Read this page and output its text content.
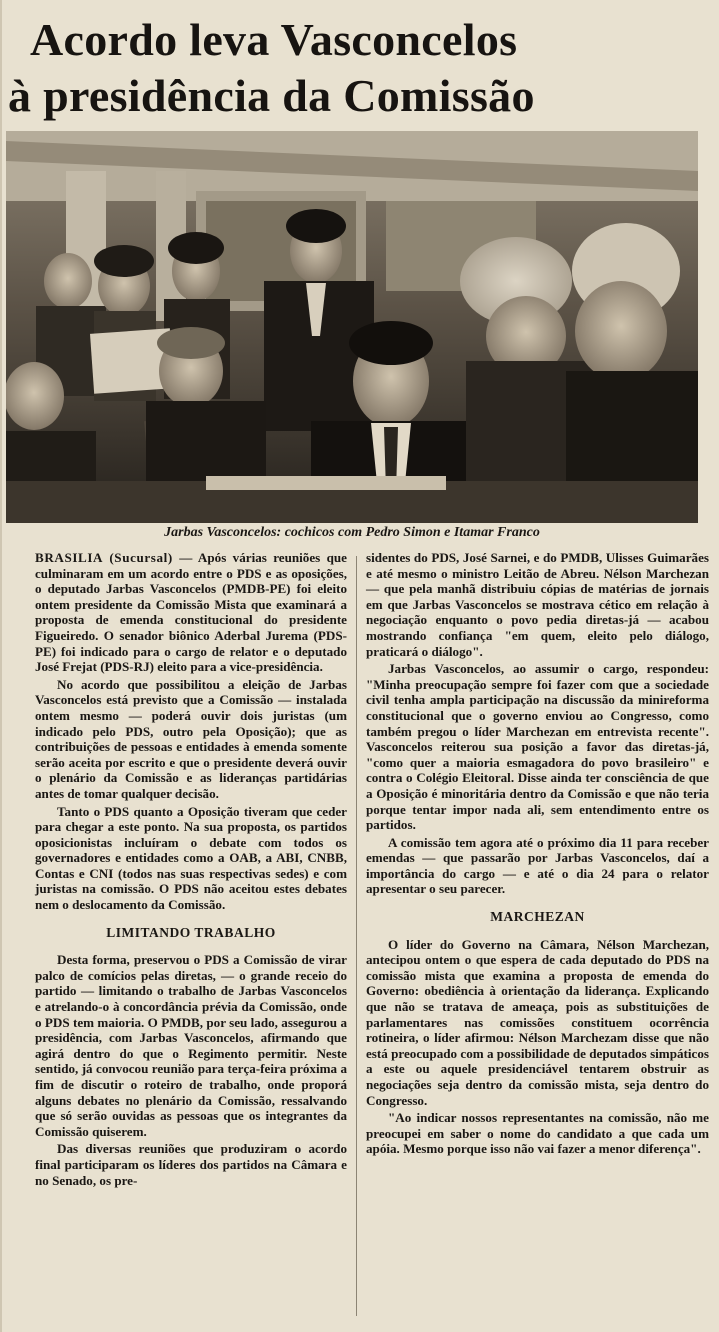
Acordo leva Vasconcelos
à presidência da Comissão
Jarbas Vasconcelos: cochicos com Pedro Simon e Itamar Franco

BRASILIA (Sucursal) — Após várias reuniões que culminaram em um acordo entre o PDS e as oposições, o deputado Jarbas Vasconcelos (PMDB-PE) foi eleito ontem presidente da Comissão Mista que examinará a proposta de emenda constitucional do presidente Figueiredo. O senador biônico Aderbal Jurema (PDS-PE) foi indicado para o cargo de relator e o deputado José Frejat (PDS-RJ) eleito para a vice-presidência.

No acordo que possibilitou a eleição de Jarbas Vasconcelos está previsto que a Comissão — instalada ontem mesmo — poderá ouvir dois juristas (um indicado pelo PDS, outro pela Oposição); que as contribuições de pessoas e entidades à emenda somente serão aceita por escrito e que o presidente deverá ouvir o plenário da Comissão e as lideranças partidárias antes de tomar qualquer decisão.

Tanto o PDS quanto a Oposição tiveram que ceder para chegar a este ponto. Na sua proposta, os partidos oposicionistas incluíram o debate com todos os governadores e entidades como a OAB, a ABI, CNBB, Contas e CNI (todos nas suas respectivas sedes) e com juristas na comissão. O PDS não aceitou estes debates nem o deslocamento da Comissão.

LIMITANDO TRABALHO

Desta forma, preservou o PDS a Comissão de virar palco de comícios pelas diretas, — o grande receio do partido — limitando o trabalho de Jarbas Vasconcelos e atrelando-o à concordância prévia da Comissão, onde o PDS tem maioria. O PMDB, por seu lado, assegurou a presidência, com Jarbas Vasconcelos, afirmando que agirá dentro do que o Regimento permitir. Neste sentido, já convocou reunião para terça-feira próxima a fim de discutir o roteiro de trabalho, onde proporá alguns debates no plenário da Comissão, ressalvando que só serão ouvidas as pessoas que os integrantes da Comissão quiserem.

Das diversas reuniões que produziram o acordo final participaram os líderes dos partidos na Câmara e no Senado, os pre-

sidentes do PDS, José Sarnei, e do PMDB, Ulisses Guimarães e até mesmo o ministro Leitão de Abreu. Nélson Marchezan — que pela manhã distribuiu cópias de matérias de jornais em que Jarbas Vasconcelos se mostrava cético em relação à negociação enquanto o povo pedia diretas-já — acabou mostrando confiança "em quem, eleito pelo diálogo, praticará o diálogo".

Jarbas Vasconcelos, ao assumir o cargo, respondeu: "Minha preocupação sempre foi fazer com que a sociedade civil tenha ampla participação na discussão da minireforma constitucional que o governo enviou ao Congresso, como também pregou o líder Marchezan em entrevista recente". Vasconcelos reiterou sua posição a favor das diretas-já, "como quer a maioria esmagadora do povo brasileiro" e contra o Colégio Eleitoral. Disse ainda ter consciência de que a Oposição é minoritária dentro da Comissão e que não teria porque tentar impor nada ali, sem entendimento entre os partidos.

A comissão tem agora até o próximo dia 11 para receber emendas — que passarão por Jarbas Vasconcelos, daí a importância do cargo — e até o dia 24 para o relator apresentar o seu parecer.

MARCHEZAN

O líder do Governo na Câmara, Nélson Marchezan, antecipou ontem o que espera de cada deputado do PDS na comissão mista que examina a proposta de emenda do Governo: obediência à orientação da liderança. Explicando que não se tratava de ameaça, pois as substituições de parlamentares nas comissões constituem ocorrência rotineira, o líder afirmou: Nélson Marchezam disse que não está preocupado com a possibilidade de deputados simpáticos a este ou aquele presidenciável tentarem obstruir as negociações seja dentro da comissão mista, seja dentro do Congresso.

"Ao indicar nossos representantes na comissão, não me preocupei em saber o nome do candidato a que cada um apóia. Mesmo porque isso não vai fazer a menor diferença".
